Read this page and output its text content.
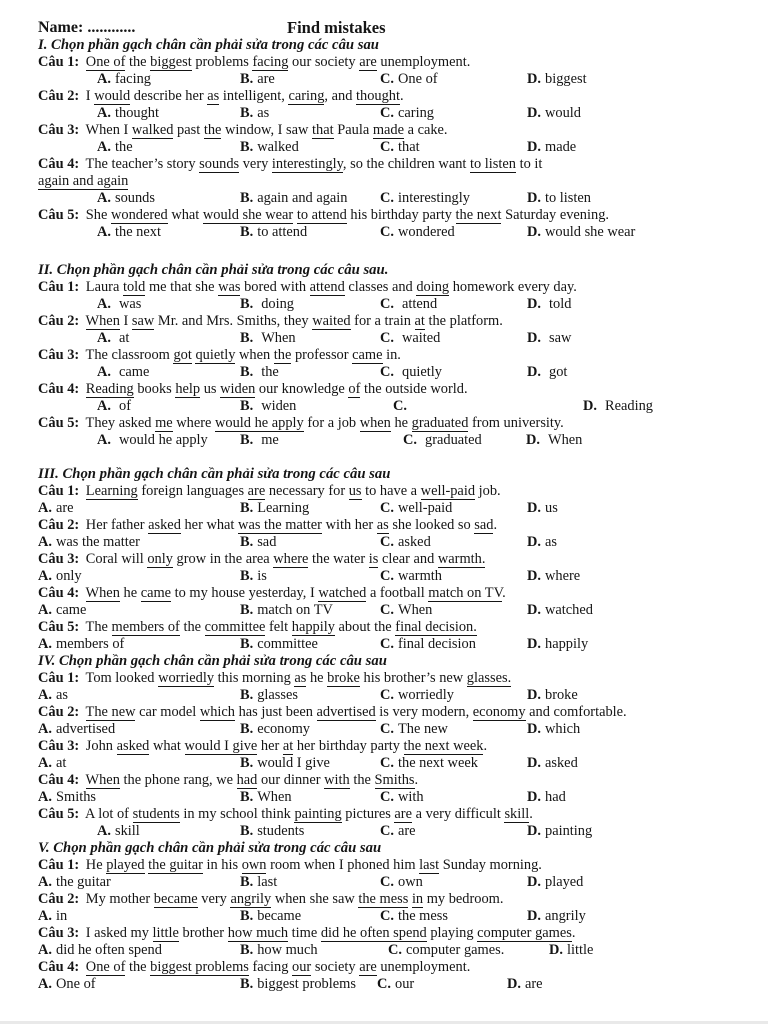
Name: ............	Find mistakes
I. Chọn phần gạch chân cần phải sửa trong các câu sau
Câu 1: One of the biggest problems facing our society are unemployment.
A. facing	B. are	C. One of	D. biggest
Câu 2: I would describe her as intelligent, caring, and thought.
A. thought	B. as	C. caring	D. would
Câu 3: When I walked past the window, I saw that Paula made a cake.
A. the	B. walked	C. that	D. made
Câu 4: The teacher’s story sounds very interestingly, so the children want to listen to it
again and again
A. sounds	B. again and again C. interestingly	D. to listen
Câu 5: She wondered what would she wear to attend his birthday party the next Saturday evening.
A. the next	B. to attend	C. wondered	D. would she wear
II. Chọn phần gạch chân cần phải sửa trong các câu sau.
Câu 1: Laura told me that she was bored with attend classes and doing homework every day.
A. was	B. doing	C. attend	D. told
Câu 2: When I saw Mr. and Mrs. Smiths, they waited for a train at the platform.
A. at	B. When	C. waited	D. saw
Câu 3: The classroom got quietly when the professor came in.
A. came	B. the	C. quietly	D. got
Câu 4: Reading books help us widen our knowledge of the outside world.
A. of	B. widen	C.	D. Reading
Câu 5: They asked me where would he apply for a job when he graduated from university.
A. would he apply B. me	C. graduated	D. When
III. Chọn phần gạch chân cần phải sửa trong các câu sau
Câu 1: Learning foreign languages are necessary for us to have a well-paid job.
A. are	B. Learning	C. well-paid	D. us
Câu 2: Her father asked her what was the matter with her as she looked so sad.
A. was the matter	B. sad	C. asked	D. as
Câu 3: Coral will only grow in the area where the water is clear and warmth.
A. only	B. is	C. warmth	D. where
Câu 4: When he came to my house yesterday, I watched a football match on TV.
A. came	B. match on TV	C. When	D. watched
Câu 5: The members of the committee felt happily about the final decision.
A. members of	B. committee	C. final decision	D. happily
IV. Chọn phần gạch chân cần phải sửa trong các câu sau
Câu 1: Tom looked worriedly this morning as he broke his brother’s new glasses.
A. as	B. glasses	C. worriedly	D. broke
Câu 2: The new car model which has just been advertised is very modern, economy and comfortable.
A. advertised	B. economy	C. The new	D. which
Câu 3: John asked what would I give her at her birthday party the next week.
A. at	B. would I give	C. the next week	D. asked
Câu 4: When the phone rang, we had our dinner with the Smiths.
A. Smiths	B. When	C. with	D. had
Câu 5: A lot of students in my school think painting pictures are a very difficult skill.
A. skill	B. students	C. are	D. painting
V. Chọn phần gạch chân cần phải sửa trong các câu sau
Câu 1: He played the guitar in his own room when I phoned him last Sunday morning.
A. the guitar	B. last	C. own	D. played
Câu 2: My mother became very angrily when she saw the mess in my bedroom.
A. in	B. became	C. the mess	D. angrily
Câu 3: I asked my little brother how much time did he often spend playing computer games.
A. did he often spend	B. how much	C. computer games.	D. little
Câu 4: One of the biggest problems facing our society are unemployment.
A. One of	B. biggest problems C. our	D. are
